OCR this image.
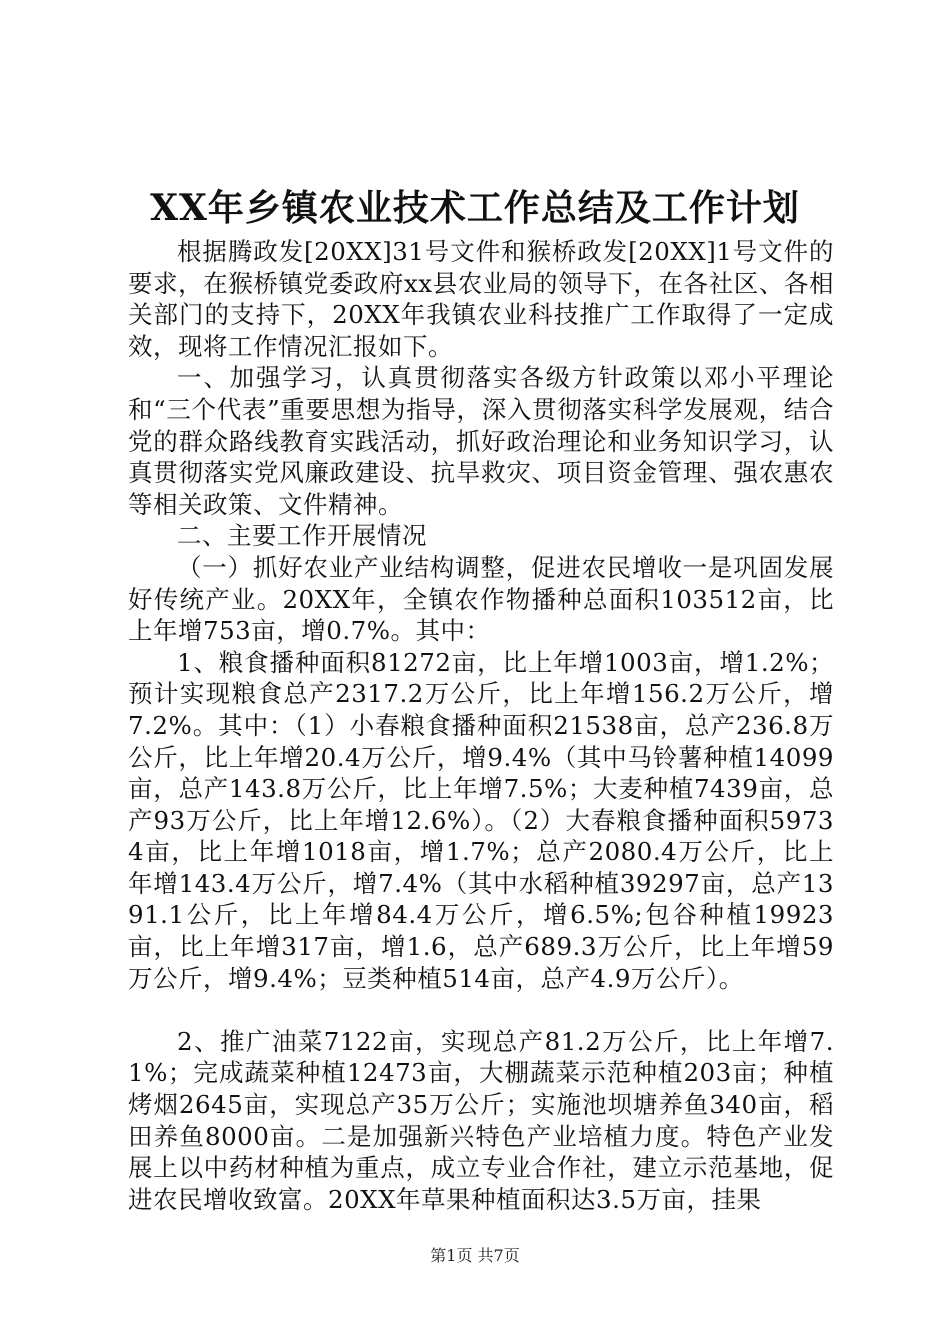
XX年乡镇农业技术工作总结及工作计划

根据腾政发[20XX]31号文件和猴桥政发[20XX]1号文件的要求，在猴桥镇党委政府xx县农业局的领导下，在各社区、各相关部门的支持下，20XX年我镇农业科技推广工作取得了一定成效，现将工作情况汇报如下。

一、加强学习，认真贯彻落实各级方针政策以邓小平理论和“三个代表”重要思想为指导，深入贯彻落实科学发展观，结合党的群众路线教育实践活动，抓好政治理论和业务知识学习，认真贯彻落实党风廉政建设、抗旱救灾、项目资金管理、强农惠农等相关政策、文件精神。

二、主要工作开展情况

（一）抓好农业产业结构调整，促进农民增收一是巩固发展好传统产业。20XX年，全镇农作物播种总面积103512亩，比上年增753亩，增0.7%。其中：

1、粮食播种面积81272亩，比上年增1003亩，增1.2%；预计实现粮食总产2317.2万公斤，比上年增156.2万公斤，增7.2%。其中：（1）小春粮食播种面积21538亩，总产236.8万公斤，比上年增20.4万公斤，增9.4%（其中马铃薯种植14099亩，总产143.8万公斤，比上年增7.5%；大麦种植7439亩，总产93万公斤，比上年增12.6%）。（2）大春粮食播种面积59734亩，比上年增1018亩，增1.7%；总产2080.4万公斤，比上年增143.4万公斤，增7.4%（其中水稻种植39297亩，总产1391.1公斤，比上年增84.4万公斤，增6.5%;包谷种植19923亩，比上年增317亩，增1.6，总产689.3万公斤，比上年增59万公斤，增9.4%；豆类种植514亩，总产4.9万公斤）。

2、推广油菜7122亩，实现总产81.2万公斤，比上年增7.1%；完成蔬菜种植12473亩，大棚蔬菜示范种植203亩；种植烤烟2645亩，实现总产35万公斤；实施池坝塘养鱼340亩，稻田养鱼8000亩。二是加强新兴特色产业培植力度。特色产业发展上以中药材种植为重点，成立专业合作社，建立示范基地，促进农民增收致富。20XX年草果种植面积达3.5万亩，挂果

第1页 共7页
